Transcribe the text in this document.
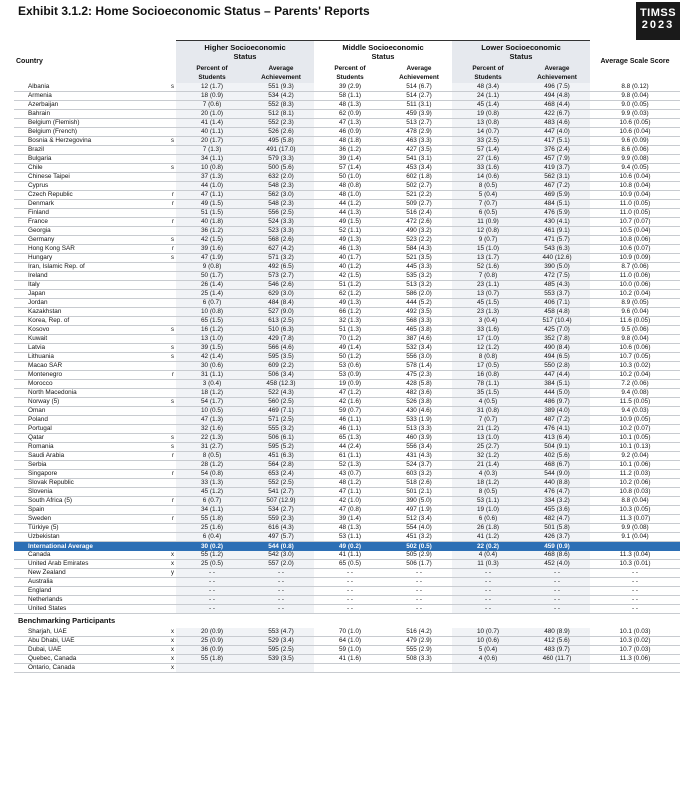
Exhibit 3.1.2: Home Socioeconomic Status – Parents' Reports	TIMSS
2023
Country		Higher Socioeconomic Status		Middle Socioeconomic Status		Lower Socioeconomic Status		Average Scale Score
		Percent of Students	Average Achievement	Percent of Students	Average Achievement	Percent of Students	Average Achievement	
Albania	s	12 (1.7)	551 (9.3)	39 (2.9)	514 (6.7)	48 (3.4)	496 (7.5)	8.8 (0.12)
Armenia		18 (0.9)	534 (4.2)	58 (1.1)	514 (2.7)	24 (1.1)	494 (4.8)	9.8 (0.04)
Azerbaijan		7 (0.6)	552 (8.3)	48 (1.3)	511 (3.1)	45 (1.4)	468 (4.4)	9.0 (0.05)
Bahrain		20 (1.0)	512 (8.1)	62 (0.9)	459 (3.9)	19 (0.8)	422 (6.7)	9.9 (0.03)
Belgium (Flemish)		41 (1.4)	552 (2.3)	47 (1.3)	513 (2.7)	13 (0.8)	483 (4.6)	10.6 (0.05)
Belgium (French)		40 (1.1)	526 (2.6)	46 (0.9)	478 (2.9)	14 (0.7)	447 (4.0)	10.6 (0.04)
Bosnia & Herzegovina	s	20 (1.7)	495 (5.8)	48 (1.8)	463 (3.3)	33 (2.5)	417 (5.1)	9.6 (0.09)
Brazil		7 (1.3)	491 (17.0)	36 (1.2)	427 (3.5)	57 (1.4)	376 (2.4)	8.6 (0.06)
Bulgaria		34 (1.1)	579 (3.3)	39 (1.4)	541 (3.1)	27 (1.6)	457 (7.9)	9.9 (0.08)
Chile	s	10 (0.8)	500 (5.6)	57 (1.4)	453 (3.4)	33 (1.6)	419 (3.7)	9.4 (0.05)
Chinese Taipei		37 (1.3)	632 (2.0)	50 (1.0)	602 (1.8)	14 (0.6)	562 (3.1)	10.6 (0.04)
Cyprus		44 (1.0)	548 (2.3)	48 (0.8)	502 (2.7)	8 (0.5)	467 (7.2)	10.8 (0.04)
Czech Republic	r	47 (1.1)	562 (3.0)	48 (1.0)	521 (2.2)	5 (0.4)	469 (5.9)	10.9 (0.04)
Denmark	r	49 (1.5)	548 (2.3)	44 (1.2)	509 (2.7)	7 (0.7)	484 (5.1)	11.0 (0.05)
Finland		51 (1.5)	556 (2.5)	44 (1.3)	516 (2.4)	6 (0.5)	476 (5.9)	11.0 (0.05)
France	r	40 (1.8)	524 (3.3)	49 (1.5)	472 (2.6)	11 (0.9)	430 (4.1)	10.7 (0.07)
Georgia		36 (1.2)	523 (3.3)	52 (1.1)	490 (3.2)	12 (0.8)	461 (9.1)	10.5 (0.04)
Germany	s	42 (1.5)	568 (2.6)	49 (1.3)	523 (2.2)	9 (0.7)	471 (5.7)	10.8 (0.06)
Hong Kong SAR	r	39 (1.6)	627 (4.2)	46 (1.3)	584 (4.3)	15 (1.0)	543 (6.3)	10.6 (0.07)
Hungary	s	47 (1.9)	571 (3.2)	40 (1.7)	521 (3.5)	13 (1.7)	440 (12.6)	10.9 (0.09)
Iran, Islamic Rep. of		9 (0.8)	492 (6.5)	40 (1.2)	445 (3.3)	52 (1.6)	390 (5.0)	8.7 (0.06)
Ireland		50 (1.7)	573 (2.7)	42 (1.5)	535 (3.2)	7 (0.8)	472 (7.5)	11.0 (0.06)
Italy		26 (1.4)	546 (2.6)	51 (1.2)	513 (3.2)	23 (1.1)	485 (4.3)	10.0 (0.06)
Japan		25 (1.4)	629 (3.0)	62 (1.2)	586 (2.0)	13 (0.7)	553 (3.7)	10.2 (0.04)
Jordan		6 (0.7)	484 (8.4)	49 (1.3)	444 (5.2)	45 (1.5)	406 (7.1)	8.9 (0.05)
Kazakhstan		10 (0.8)	527 (9.0)	66 (1.2)	492 (3.5)	23 (1.3)	458 (4.8)	9.6 (0.04)
Korea, Rep. of		65 (1.5)	613 (2.5)	32 (1.3)	568 (3.3)	3 (0.4)	517 (10.4)	11.6 (0.05)
Kosovo	s	16 (1.2)	510 (6.3)	51 (1.3)	465 (3.8)	33 (1.6)	425 (7.0)	9.5 (0.06)
Kuwait		13 (1.0)	429 (7.8)	70 (1.2)	387 (4.6)	17 (1.0)	352 (7.8)	9.8 (0.04)
Latvia	s	39 (1.5)	566 (4.6)	49 (1.4)	532 (3.4)	12 (1.2)	490 (8.4)	10.6 (0.06)
Lithuania	s	42 (1.4)	595 (3.5)	50 (1.2)	556 (3.0)	8 (0.8)	494 (6.5)	10.7 (0.05)
Macao SAR		30 (0.6)	609 (2.2)	53 (0.6)	578 (1.4)	17 (0.5)	550 (2.8)	10.3 (0.02)
Montenegro	r	31 (1.1)	506 (3.4)	53 (0.9)	475 (2.3)	16 (0.8)	447 (4.4)	10.2 (0.04)
Morocco		3 (0.4)	458 (12.3)	19 (0.9)	428 (5.8)	78 (1.1)	384 (5.1)	7.2 (0.06)
North Macedonia		18 (1.2)	522 (4.3)	47 (1.2)	482 (3.6)	35 (1.5)	444 (5.0)	9.4 (0.08)
Norway (5)	s	54 (1.7)	560 (2.5)	42 (1.6)	526 (3.8)	4 (0.5)	486 (9.7)	11.5 (0.05)
Oman		10 (0.5)	469 (7.1)	59 (0.7)	430 (4.6)	31 (0.8)	389 (4.0)	9.4 (0.03)
Poland		47 (1.3)	571 (2.5)	46 (1.1)	533 (1.9)	7 (0.7)	487 (7.2)	10.9 (0.05)
Portugal		32 (1.6)	555 (3.2)	46 (1.1)	513 (3.3)	21 (1.2)	476 (4.1)	10.2 (0.07)
Qatar	s	22 (1.3)	506 (6.1)	65 (1.3)	460 (3.9)	13 (1.0)	413 (6.4)	10.1 (0.05)
Romania	s	31 (2.7)	595 (5.2)	44 (2.4)	556 (3.4)	25 (2.7)	504 (9.1)	10.1 (0.13)
Saudi Arabia	r	8 (0.5)	451 (6.3)	61 (1.1)	431 (4.3)	32 (1.2)	402 (5.6)	9.2 (0.04)
Serbia		28 (1.2)	564 (2.8)	52 (1.3)	524 (3.7)	21 (1.4)	468 (6.7)	10.1 (0.06)
Singapore	r	54 (0.8)	653 (2.4)	43 (0.7)	603 (3.2)	4 (0.3)	544 (9.0)	11.2 (0.03)
Slovak Republic		33 (1.3)	552 (2.5)	48 (1.2)	518 (2.6)	18 (1.2)	440 (8.8)	10.2 (0.06)
Slovenia		45 (1.2)	541 (2.7)	47 (1.1)	501 (2.1)	8 (0.5)	476 (4.7)	10.8 (0.03)
South Africa (5)	r	6 (0.7)	507 (12.9)	42 (1.0)	390 (5.0)	53 (1.1)	334 (3.2)	8.8 (0.04)
Spain		34 (1.1)	534 (2.7)	47 (0.8)	497 (1.9)	19 (1.0)	455 (3.6)	10.3 (0.05)
Sweden	r	55 (1.8)	559 (2.3)	39 (1.4)	512 (3.4)	6 (0.6)	482 (4.7)	11.3 (0.07)
Türkiye (5)		25 (1.6)	616 (4.3)	48 (1.3)	554 (4.0)	26 (1.8)	501 (5.8)	9.9 (0.08)
Uzbekistan		6 (0.4)	497 (5.7)	53 (1.1)	451 (3.2)	41 (1.2)	426 (3.7)	9.1 (0.04)
International Average		30 (0.2)	544 (0.8)	49 (0.2)	502 (0.5)	22 (0.2)	459 (0.9)	
Canada	x	55 (1.2)	542 (3.0)	41 (1.1)	505 (2.9)	4 (0.4)	468 (8.6)	11.3 (0.04)
United Arab Emirates	x	25 (0.5)	557 (2.0)	65 (0.5)	506 (1.7)	11 (0.3)	452 (4.0)	10.3 (0.01)
New Zealand	y	- -	- -	- -	- -	- -	- -	- -
Australia		- -	- -	- -	- -	- -	- -	- -
England		- -	- -	- -	- -	- -	- -	- -
Netherlands		- -	- -	- -	- -	- -	- -	- -
United States		- -	- -	- -	- -	- -	- -	- -
Benchmarking Participants								
Sharjah, UAE	x	20 (0.9)	553 (4.7)	70 (1.0)	516 (4.2)	10 (0.7)	480 (8.9)	10.1 (0.03)
Abu Dhabi, UAE	x	25 (0.9)	529 (3.4)	64 (1.0)	479 (2.9)	10 (0.6)	412 (5.6)	10.3 (0.02)
Dubai, UAE	x	36 (0.9)	595 (2.5)	59 (1.0)	555 (2.9)	5 (0.4)	483 (9.7)	10.7 (0.03)
Quebec, Canada	x	55 (1.8)	539 (3.5)	41 (1.6)	508 (3.3)	4 (0.6)	460 (11.7)	11.3 (0.06)
Ontario, Canada	x							
